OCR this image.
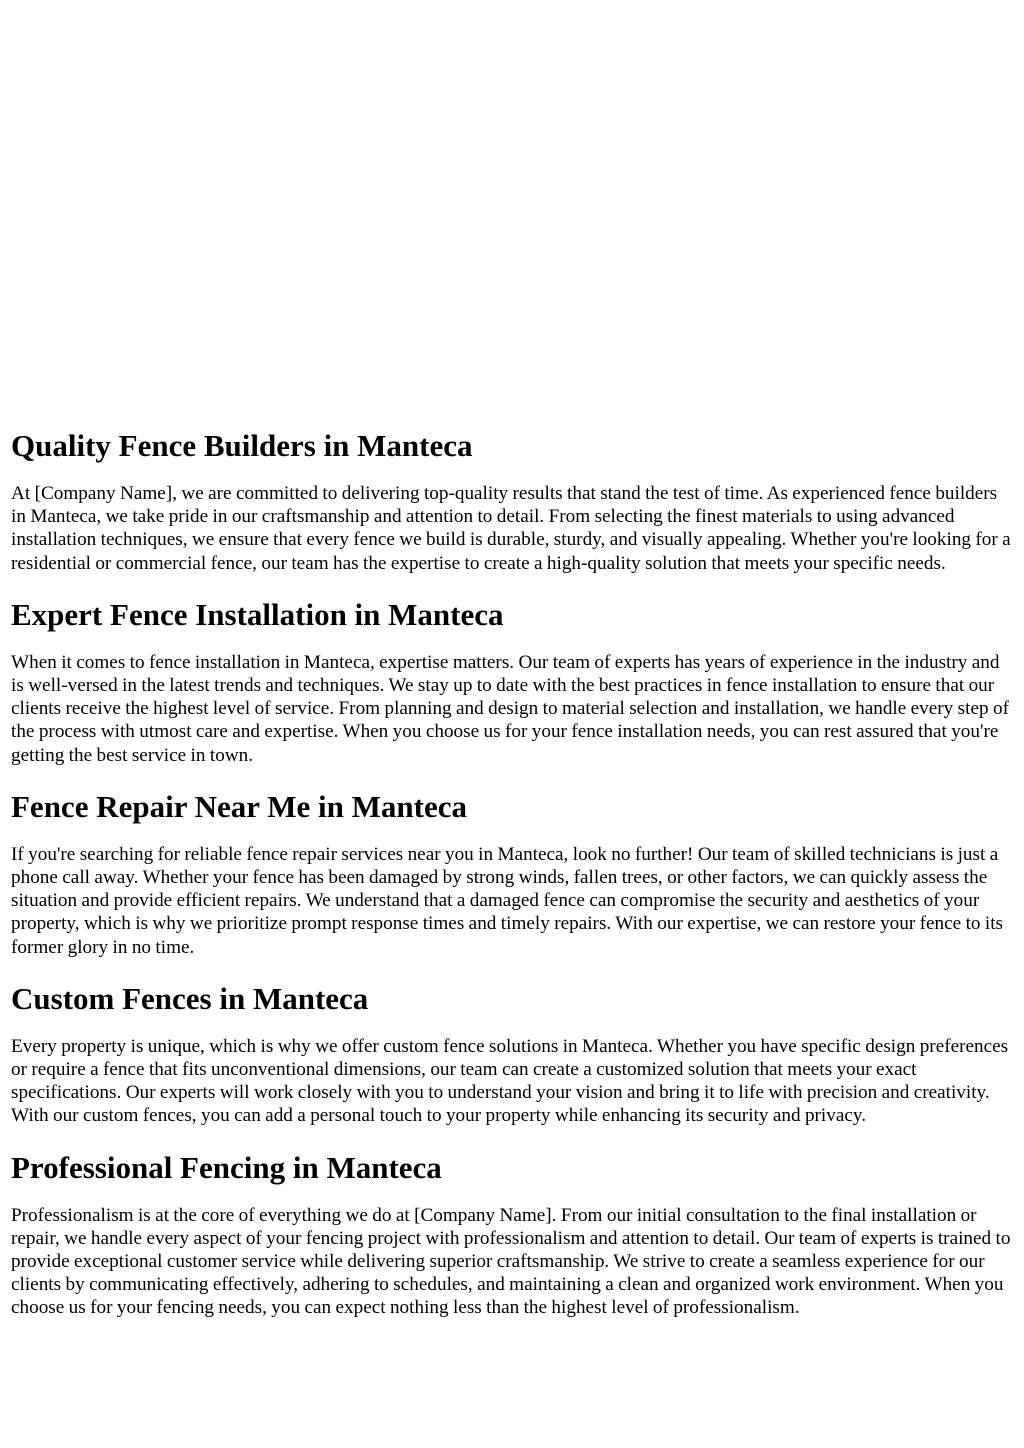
Quality Fence Builders in Manteca

At [Company Name], we are committed to delivering top-quality results that stand the test of time. As experienced fence builders in Manteca, we take pride in our craftsmanship and attention to detail. From selecting the finest materials to using advanced installation techniques, we ensure that every fence we build is durable, sturdy, and visually appealing. Whether you're looking for a residential or commercial fence, our team has the expertise to create a high-quality solution that meets your specific needs.

Expert Fence Installation in Manteca

When it comes to fence installation in Manteca, expertise matters. Our team of experts has years of experience in the industry and is well-versed in the latest trends and techniques. We stay up to date with the best practices in fence installation to ensure that our clients receive the highest level of service. From planning and design to material selection and installation, we handle every step of the process with utmost care and expertise. When you choose us for your fence installation needs, you can rest assured that you're getting the best service in town.

Fence Repair Near Me in Manteca

If you're searching for reliable fence repair services near you in Manteca, look no further! Our team of skilled technicians is just a phone call away. Whether your fence has been damaged by strong winds, fallen trees, or other factors, we can quickly assess the situation and provide efficient repairs. We understand that a damaged fence can compromise the security and aesthetics of your property, which is why we prioritize prompt response times and timely repairs. With our expertise, we can restore your fence to its former glory in no time.

Custom Fences in Manteca

Every property is unique, which is why we offer custom fence solutions in Manteca. Whether you have specific design preferences or require a fence that fits unconventional dimensions, our team can create a customized solution that meets your exact specifications. Our experts will work closely with you to understand your vision and bring it to life with precision and creativity. With our custom fences, you can add a personal touch to your property while enhancing its security and privacy.

Professional Fencing in Manteca

Professionalism is at the core of everything we do at [Company Name]. From our initial consultation to the final installation or repair, we handle every aspect of your fencing project with professionalism and attention to detail. Our team of experts is trained to provide exceptional customer service while delivering superior craftsmanship. We strive to create a seamless experience for our clients by communicating effectively, adhering to schedules, and maintaining a clean and organized work environment. When you choose us for your fencing needs, you can expect nothing less than the highest level of professionalism.
